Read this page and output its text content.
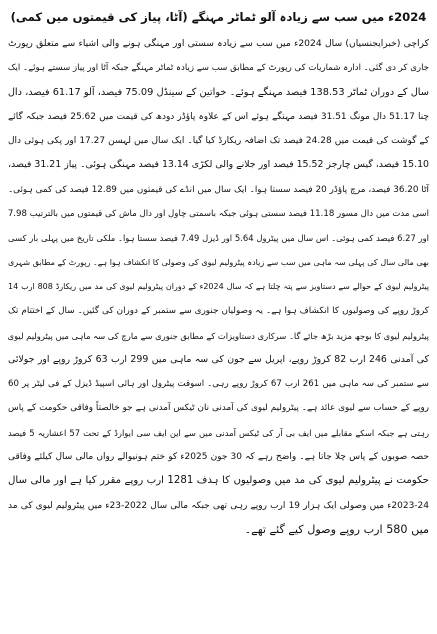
2024ء میں سب سے زیادہ آلو ٹماٹر مہنگے (آٹا، پیاز کی قیمتوں میں کمی)
کراچی (خبرایجنسیاں) سال 2024ء میں سب سے زیادہ سستی اور مہنگی ہونے والی اشیاء سے متعلق رپورٹ
جاری کر دی گئی۔ ادارہ شماریات کی رپورٹ کے مطابق سب سے زیادہ ٹماٹر مہنگے جبکہ آٹا اور پیاز سستے ہوئے۔ ایک
سال کے دوران ٹماٹر 138.53 فیصد مہنگے ہوئے۔ خواتین کے سینڈل 75.09 فیصد، آلو 61.17 فیصد، دال
چنا 51.17 دال مونگ 31.51 فیصد مہنگے ہوئے اس کے علاوہ پاؤڈر دودھ کی قیمت میں 25.62 فیصد جبکہ گائے
کے گوشت کی قیمت میں 24.28 فیصد تک اضافہ ریکارڈ کیا گیا۔ ایک سال میں لہسن 17.27 اور پکی ہوئی دال
15.10 فیصد، گیس چارجز 15.52 فیصد اور جلانے والی لکڑی 13.14 فیصد مہنگی ہوئی۔ پیاز 31.21 فیصد،
آٹا 36.20 فیصد، مرچ پاؤڈر 20 فیصد سستا ہوا۔ ایک سال میں انڈے کی قیمتوں میں 12.89 فیصد کی کمی ہوئی۔
اسی مدت میں دال مسور 11.18 فیصد سستی ہوئی جبکہ باسمتی چاول اور دال ماش کی قیمتوں میں بالترتیب 7.98
اور 6.27 فیصد کمی ہوئی۔ اس سال میں پیٹرول 5.64 اور ڈیزل 7.49 فیصد سستا ہوا۔ ملکی تاریخ میں پہلی بار کسی
بھی مالی سال کی پہلی سہ ماہی میں سب سے زیادہ پیٹرولیم لیوی کی وصولی کا انکشاف ہوا ہے۔ رپورٹ کے مطابق شہری
پیٹرولیم لیوی کے حوالے سے دستاویز سے پتہ چلتا ہے کہ سال 2024ء کے دوران پیٹرولیم لیوی کی مد میں ریکارڈ 808 ارب 14
کروڑ روپے کی وصولیوں کا انکشاف ہوا ہے۔ یہ وصولیاں جنوری سے ستمبر کے دوران کی گئیں۔ سال کے اختتام تک
پیٹرولیم لیوی کا بوجھ مزید بڑھ جائے گا۔ سرکاری دستاویزات کے مطابق جنوری سے مارچ کی سہ ماہی میں پیٹرولیم لیوی
کی آمدنی 246 ارب 82 کروڑ روپے، اپریل سے جون کی سہ ماہی میں 299 ارب 63 کروڑ روپے اور جولائی
سے ستمبر کی سہ ماہی میں 261 ارب 67 کروڑ روپے رہی۔ اسوقت پیٹرول اور ہائی اسپیڈ ڈیزل کے فی لیٹر پر 60
روپے کے حساب سے لیوی عائد ہے۔ پیٹرولیم لیوی کی آمدنی نان ٹیکس آمدنی ہے جو خالصتاً وفاقی حکومت کے پاس
رہتی ہے جبکہ اسکے مقابلے میں ایف بی آر کی ٹیکس آمدنی میں سے این ایف سی ایوارڈ کے تحت 57 اعشاریہ 5 فیصد
حصہ صوبوں کے پاس چلا جاتا ہے۔ واضح رہے کہ 30 جون 2025ء کو ختم ہونیوالے رواں مالی سال کیلئے وفاقی
حکومت نے پیٹرولیم لیوی کی مد میں وصولیوں کا ہدف 1281 ارب روپے مقرر کیا ہے اور مالی سال
2023-24ء میں وصولی ایک ہزار 19 ارب روپے رہی تھی جبکہ مالی سال 2022-23ء میں پیٹرولیم لیوی کی مد
میں 580 ارب روپے وصول کیے گئے تھے۔
